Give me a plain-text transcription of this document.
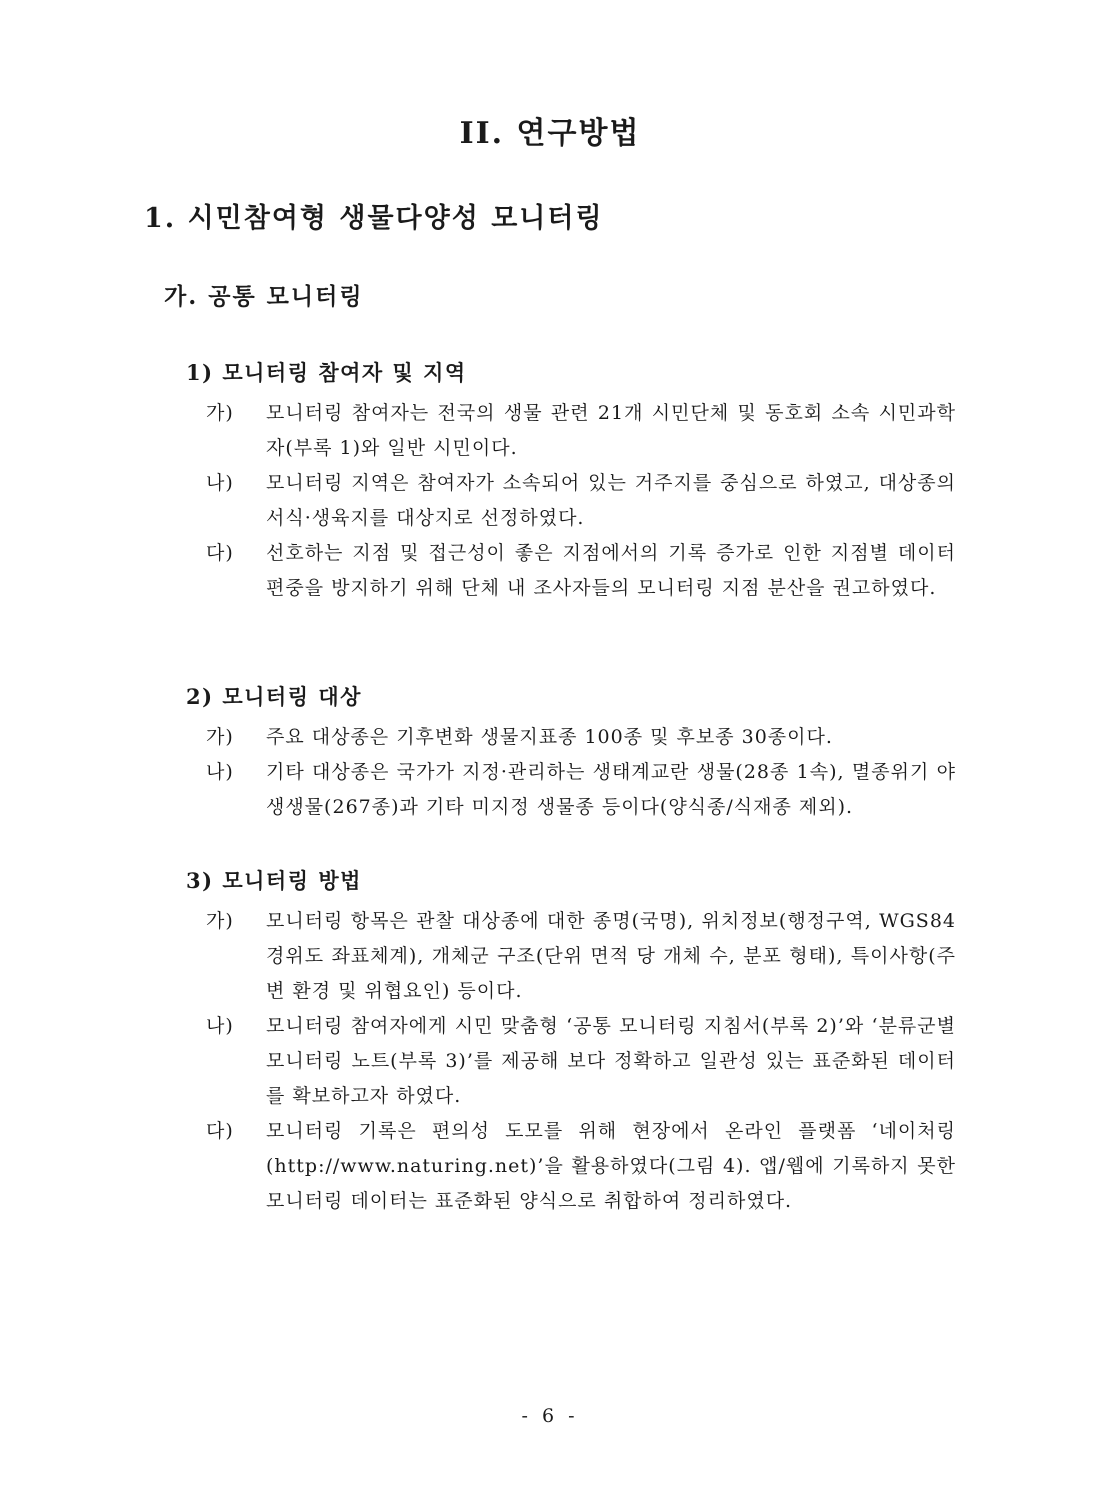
II. 연구방법
1. 시민참여형 생물다양성 모니터링
가. 공통 모니터링
1) 모니터링 참여자 및 지역
가)	모니터링 참여자는 전국의 생물 관련 21개 시민단체 및 동호회 소속 시민과학자(부록 1)와 일반 시민이다.
나)	모니터링 지역은 참여자가 소속되어 있는 거주지를 중심으로 하였고, 대상종의 서식·생육지를 대상지로 선정하였다.
다)	선호하는 지점 및 접근성이 좋은 지점에서의 기록 증가로 인한 지점별 데이터 편중을 방지하기 위해 단체 내 조사자들의 모니터링 지점 분산을 권고하였다.
2) 모니터링 대상
가)	주요 대상종은 기후변화 생물지표종 100종 및 후보종 30종이다.
나)	기타 대상종은 국가가 지정·관리하는 생태계교란 생물(28종 1속), 멸종위기 야생생물(267종)과 기타 미지정 생물종 등이다(양식종/식재종 제외).
3) 모니터링 방법
가)	모니터링 항목은 관찰 대상종에 대한 종명(국명), 위치정보(행정구역, WGS84 경위도 좌표체계), 개체군 구조(단위 면적 당 개체 수, 분포 형태), 특이사항(주변 환경 및 위협요인) 등이다.
나)	모니터링 참여자에게 시민 맞춤형 ‘공통 모니터링 지침서(부록 2)’와 ‘분류군별 모니터링 노트(부록 3)’를 제공해 보다 정확하고 일관성 있는 표준화된 데이터를 확보하고자 하였다.
다)	모니터링 기록은 편의성 도모를 위해 현장에서 온라인 플랫폼 ‘네이처링 (http://www.naturing.net)’을 활용하였다(그림 4). 앱/웹에 기록하지 못한 모니터링 데이터는 표준화된 양식으로 취합하여 정리하였다.
- 6 -
